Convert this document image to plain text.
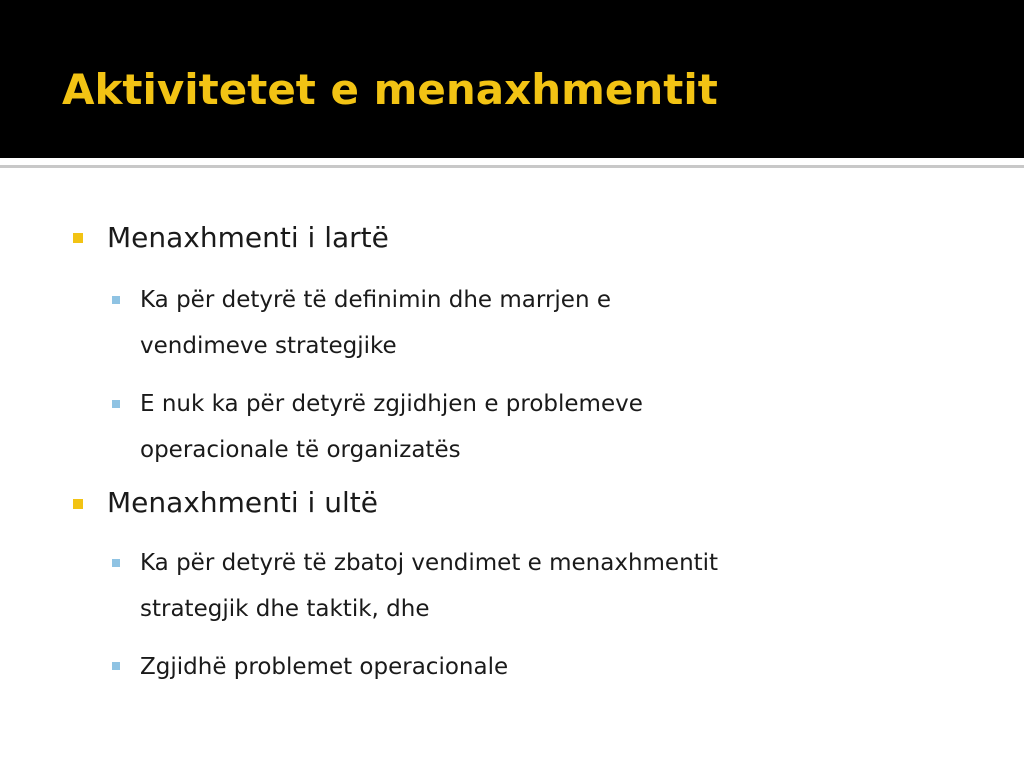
Aktivitetet e menaxhmentit
Menaxhmenti i lartë
Ka për detyrë të definimin dhe marrjen e
vendimeve strategjike
E nuk ka për detyrë zgjidhjen e problemeve
operacionale të organizatës
Menaxhmenti i ultë
Ka për detyrë të zbatoj vendimet e menaxhmentit
strategjik dhe taktik, dhe
Zgjidhë problemet operacionale
